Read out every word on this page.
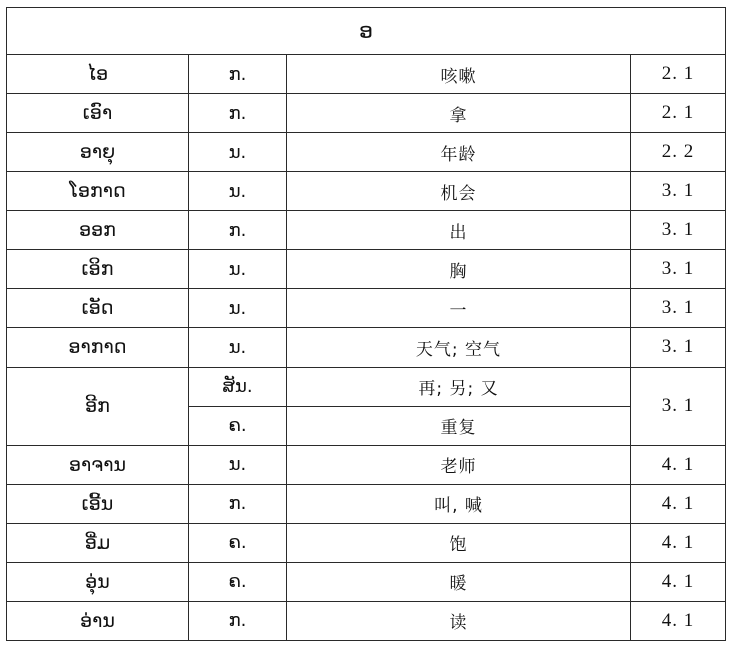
ອ			
ໄອ	ກ.	咳嗽	2. 1
ເອົາ	ກ.	拿	2. 1
ອາຍຸ	ນ.	年龄	2. 2
ໂອກາດ	ນ.	机会	3. 1
ອອກ	ກ.	出	3. 1
ເອິກ	ນ.	胸	3. 1
ເອັດ	ນ.	一	3. 1
ອາກາດ	ນ.	天气; 空气	3. 1
ອີກ	ສັນ.	再; 另; 又	3. 1
	ຄ.	重复	
ອາຈານ	ນ.	老师	4. 1
ເອີ້ນ	ກ.	叫, 喊	4. 1
ອີ່ມ	ຄ.	饱	4. 1
ອຸ່ນ	ຄ.	暖	4. 1
ອ່ານ	ກ.	读	4. 1
